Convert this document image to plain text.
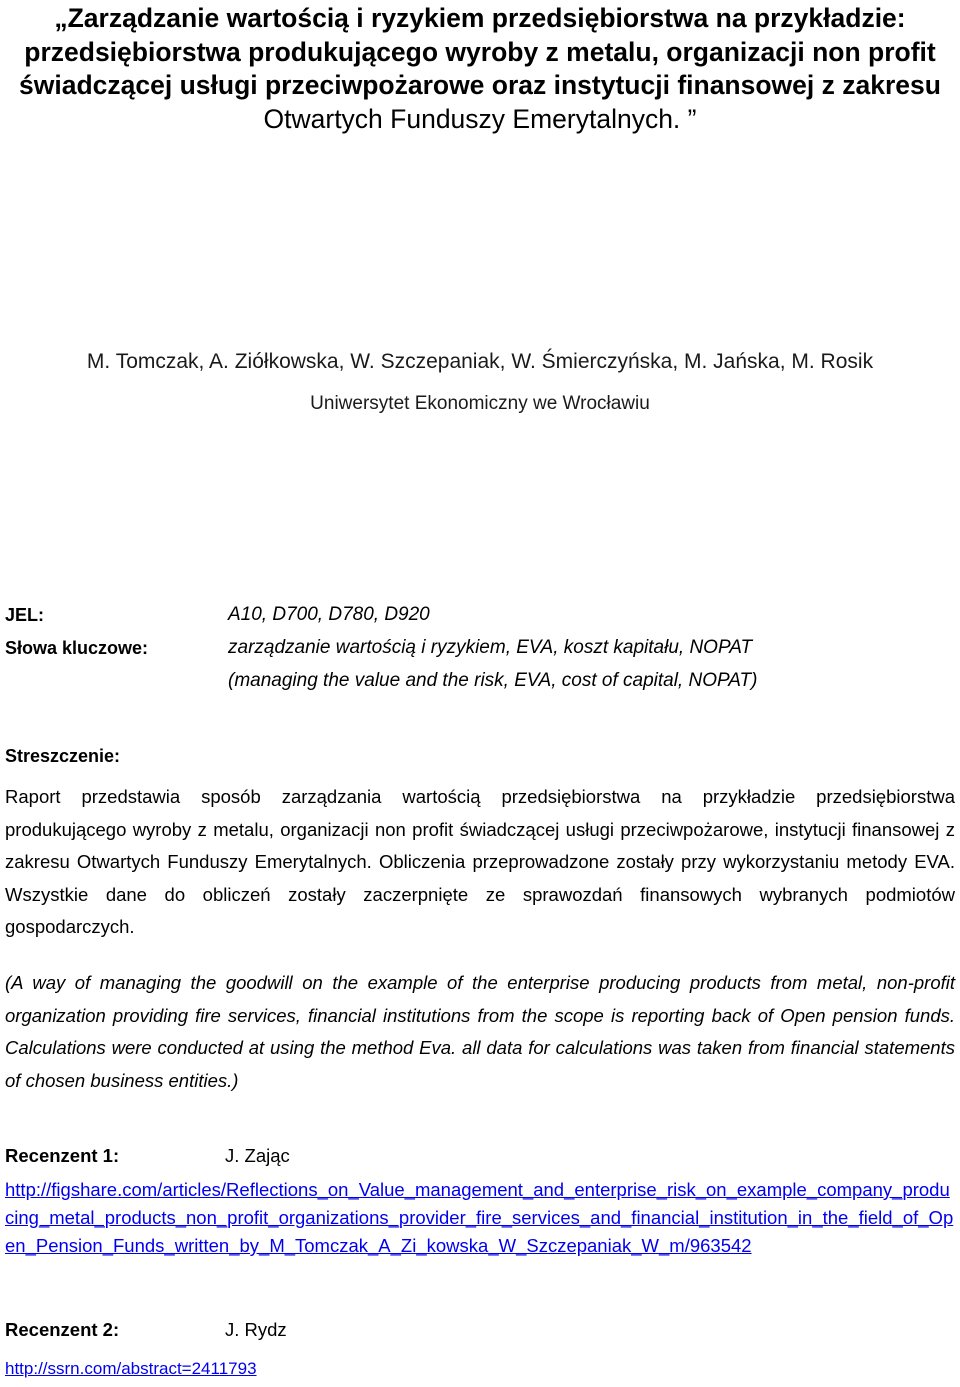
„Zarządzanie wartością i ryzykiem przedsiębiorstwa na przykładzie:
przedsiębiorstwa produkującego wyroby z metalu, organizacji non profit
świadczącej usługi przeciwpożarowe oraz instytucji finansowej z zakresu
Otwartych Funduszy Emerytalnych. ”
M. Tomczak, A. Ziółkowska, W. Szczepaniak, W. Śmierczyńska, M. Jańska, M. Rosik
Uniwersytet Ekonomiczny we Wrocławiu
JEL:	A10, D700, D780, D920
Słowa kluczowe:	zarządzanie wartością i ryzykiem, EVA, koszt kapitału, NOPAT
(managing the value and the risk, EVA, cost of capital, NOPAT)
Streszczenie:
Raport przedstawia sposób zarządzania wartością przedsiębiorstwa na przykładzie przedsiębiorstwa produkującego wyroby z metalu, organizacji non profit świadczącej usługi przeciwpożarowe, instytucji finansowej z zakresu Otwartych Funduszy Emerytalnych. Obliczenia przeprowadzone zostały przy wykorzystaniu metody EVA. Wszystkie dane do obliczeń zostały zaczerpnięte ze sprawozdań finansowych wybranych podmiotów gospodarczych.
(A way of managing the goodwill on the example of the enterprise producing products from metal, non-profit organization providing fire services, financial institutions from the scope is reporting back of Open pension funds. Calculations were conducted at using the method Eva. all data for calculations was taken from financial statements of chosen business entities.)
Recenzent 1:	J. Zając
http://figshare.com/articles/Reflections_on_Value_management_and_enterprise_risk_on_example_company_producing_metal_products_non_profit_organizations_provider_fire_services_and_financial_institution_in_the_field_of_Open_Pension_Funds_written_by_M_Tomczak_A_Zi_kowska_W_Szczepaniak_W_m/963542
Recenzent 2:	J. Rydz
http://ssrn.com/abstract=2411793
